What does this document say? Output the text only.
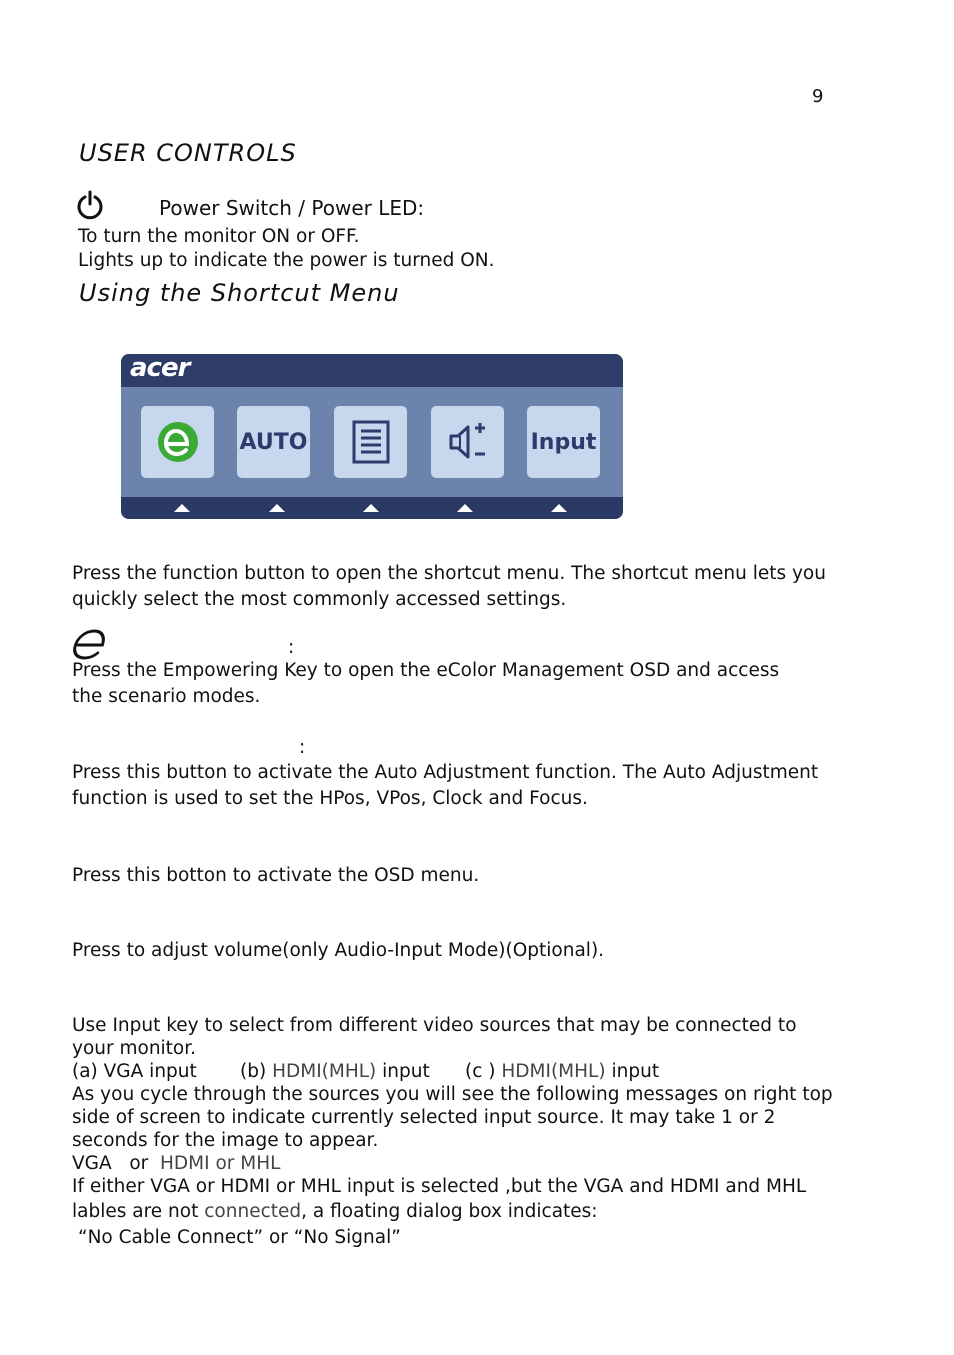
9
USER CONTROLS
Power Switch / Power LED:
To turn the monitor ON or OFF.
Lights up to indicate the power is turned ON.
Using the Shortcut Menu
acer
AUTO	Input
Press the function button to open the shortcut menu. The shortcut menu lets you
quickly select the most commonly accessed settings.
:
Press the Empowering Key to open the eColor Management OSD and access
the scenario modes.
:
Press this button to activate the Auto Adjustment function. The Auto Adjustment
function is used to set the HPos, VPos, Clock and Focus.
Press this botton to activate the OSD menu.
Press to adjust volume(only Audio-Input Mode)(Optional).
Use Input key to select from different video sources that may be connected to
your monitor.
(a) VGA input (b) HDMI(MHL) input (c ) HDMI(MHL) input
As you cycle through the sources you will see the following messages on right top
side of screen to indicate currently selected input source. It may take 1 or 2
seconds for the image to appear.
VGA or HDMI or MHL
If either VGA or HDMI or MHL input is selected ,but the VGA and HDMI and MHL
lables are not connected, a floating dialog box indicates:
“No Cable Connect” or “No Signal”
